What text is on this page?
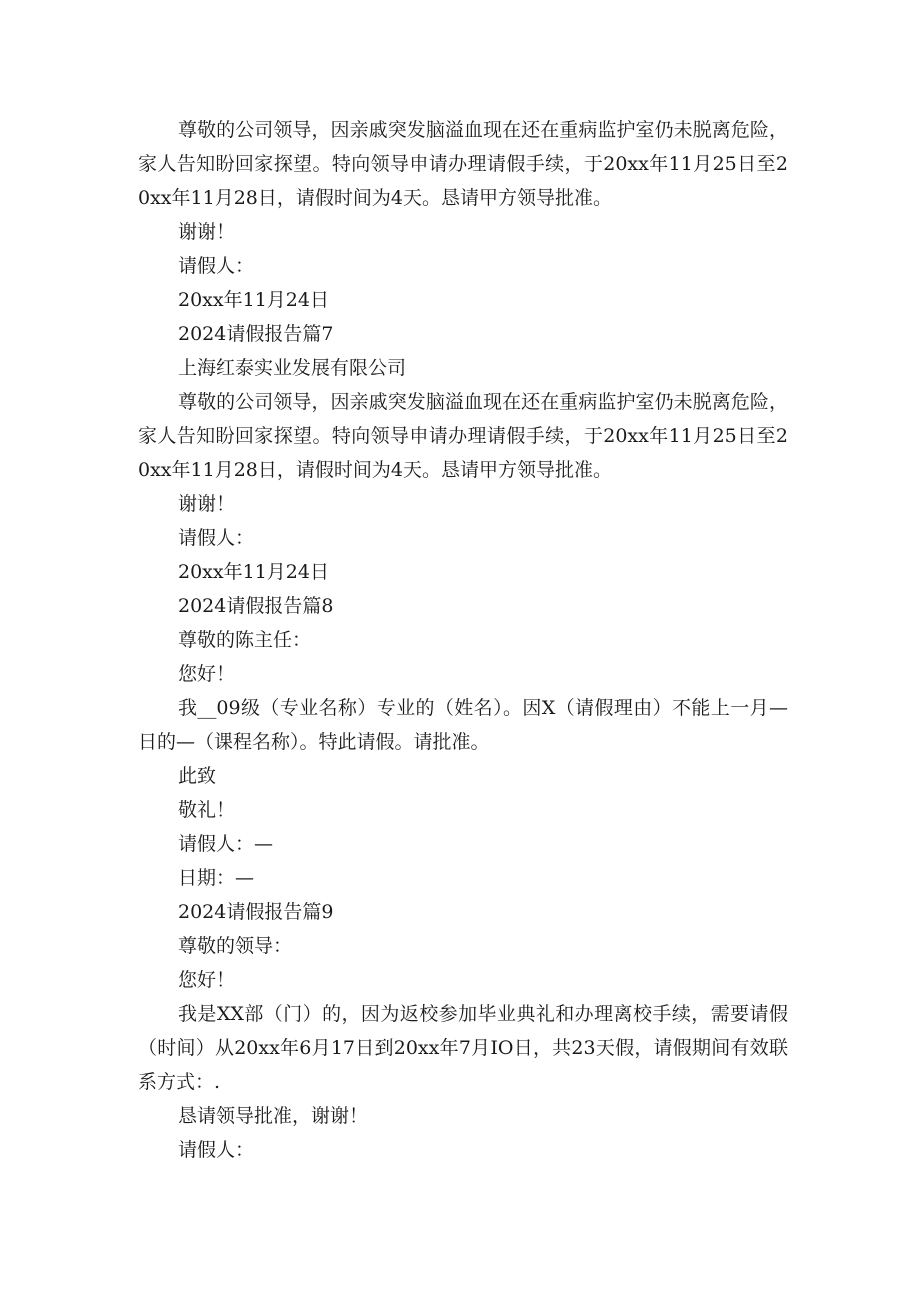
尊敬的公司领导，因亲戚突发脑溢血现在还在重病监护室仍未脱离危险，家人告知盼回家探望。特向领导申请办理请假手续，于20xx年11月25日至20xx年11月28日，请假时间为4天。恳请甲方领导批准。

谢谢！

请假人：

20xx年11月24日

2024请假报告篇7

上海红泰实业发展有限公司

尊敬的公司领导，因亲戚突发脑溢血现在还在重病监护室仍未脱离危险，家人告知盼回家探望。特向领导申请办理请假手续，于20xx年11月25日至20xx年11月28日，请假时间为4天。恳请甲方领导批准。

谢谢！

请假人：

20xx年11月24日

2024请假报告篇8

尊敬的陈主任：

您好！

我__09级（专业名称）专业的（姓名）。因X（请假理由）不能上一月—日的—（课程名称）。特此请假。请批准。

此致

敬礼！

请假人：—

日期：—

2024请假报告篇9

尊敬的领导：

您好！

我是XX部（门）的，因为返校参加毕业典礼和办理离校手续，需要请假（时间）从20xx年6月17日到20xx年7月IO日，共23天假，请假期间有效联系方式：.

恳请领导批准，谢谢！

请假人：
